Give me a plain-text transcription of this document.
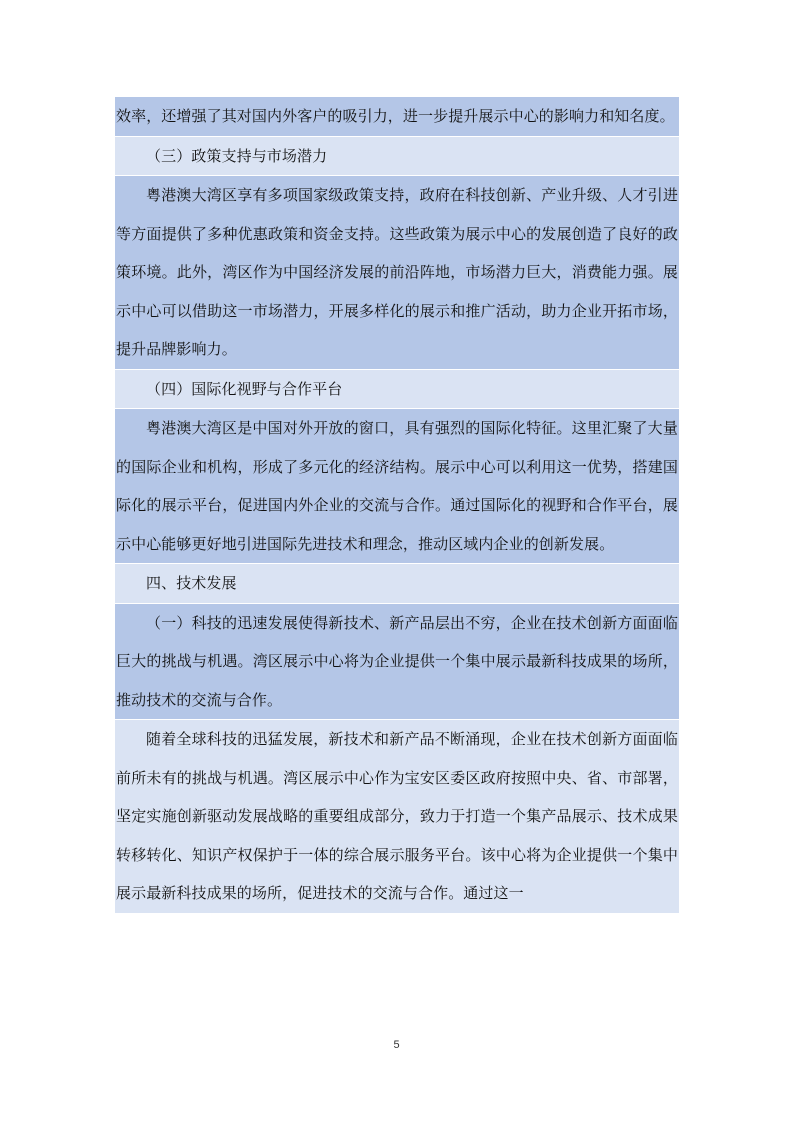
效率，还增强了其对国内外客户的吸引力，进一步提升展示中心的影响力和知名度。
（三）政策支持与市场潜力
粤港澳大湾区享有多项国家级政策支持，政府在科技创新、产业升级、人才引进等方面提供了多种优惠政策和资金支持。这些政策为展示中心的发展创造了良好的政策环境。此外，湾区作为中国经济发展的前沿阵地，市场潜力巨大，消费能力强。展示中心可以借助这一市场潜力，开展多样化的展示和推广活动，助力企业开拓市场，提升品牌影响力。
（四）国际化视野与合作平台
粤港澳大湾区是中国对外开放的窗口，具有强烈的国际化特征。这里汇聚了大量的国际企业和机构，形成了多元化的经济结构。展示中心可以利用这一优势，搭建国际化的展示平台，促进国内外企业的交流与合作。通过国际化的视野和合作平台，展示中心能够更好地引进国际先进技术和理念，推动区域内企业的创新发展。
四、技术发展
（一）科技的迅速发展使得新技术、新产品层出不穷，企业在技术创新方面面临巨大的挑战与机遇。湾区展示中心将为企业提供一个集中展示最新科技成果的场所，推动技术的交流与合作。
随着全球科技的迅猛发展，新技术和新产品不断涌现，企业在技术创新方面面临前所未有的挑战与机遇。湾区展示中心作为宝安区委区政府按照中央、省、市部署，坚定实施创新驱动发展战略的重要组成部分，致力于打造一个集产品展示、技术成果转移转化、知识产权保护于一体的综合展示服务平台。该中心将为企业提供一个集中展示最新科技成果的场所，促进技术的交流与合作。通过这一
5
